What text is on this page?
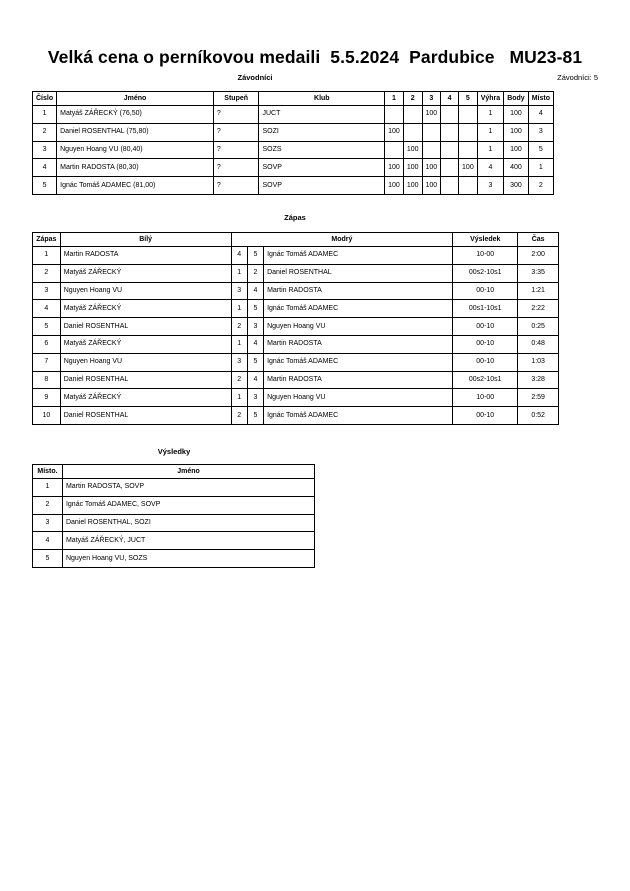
Velká cena o perníkovou medaili  5.5.2024  Pardubice   MU23-81
Závodníci	Závodníci: 5
Číslo	Jméno	Stupeň	Klub	1	2	3	4	5	Výhra	Body	Místo
1	Matyáš ZÁŘECKÝ (76,50)	?	JUCT			100			1	100	4
2	Daniel ROSENTHAL (75,80)	?	SOZI	100					1	100	3
3	Nguyen Hoang VU (80,40)	?	SOZS		100				1	100	5
4	Martin RADOSTA (80,30)	?	SOVP	100	100	100		100	4	400	1
5	Ignác Tomáš ADAMEC (81,00)	?	SOVP	100	100	100			3	300	2
Zápas
Zápas	Bílý	Modrý			Výsledek	Čas
1	Martin RADOSTA	4	5	Ignác Tomáš ADAMEC	10-00	2:00
2	Matyáš ZÁŘECKÝ	1	2	Daniel ROSENTHAL	00s2-10s1	3:35
3	Nguyen Hoang VU	3	4	Martin RADOSTA	00-10	1:21
4	Matyáš ZÁŘECKÝ	1	5	Ignác Tomáš ADAMEC	00s1-10s1	2:22
5	Daniel ROSENTHAL	2	3	Nguyen Hoang VU	00-10	0:25
6	Matyáš ZÁŘECKÝ	1	4	Martin RADOSTA	00-10	0:48
7	Nguyen Hoang VU	3	5	Ignác Tomáš ADAMEC	00-10	1:03
8	Daniel ROSENTHAL	2	4	Martin RADOSTA	00s2-10s1	3:28
9	Matyáš ZÁŘECKÝ	1	3	Nguyen Hoang VU	10-00	2:59
10	Daniel ROSENTHAL	2	5	Ignác Tomáš ADAMEC	00-10	0:52
Výsledky
Místo.	Jméno
1	Martin RADOSTA, SOVP
2	Ignác Tomáš ADAMEC, SOVP
3	Daniel ROSENTHAL, SOZI
4	Matyáš ZÁŘECKÝ, JUCT
5	Nguyen Hoang VU, SOZS
